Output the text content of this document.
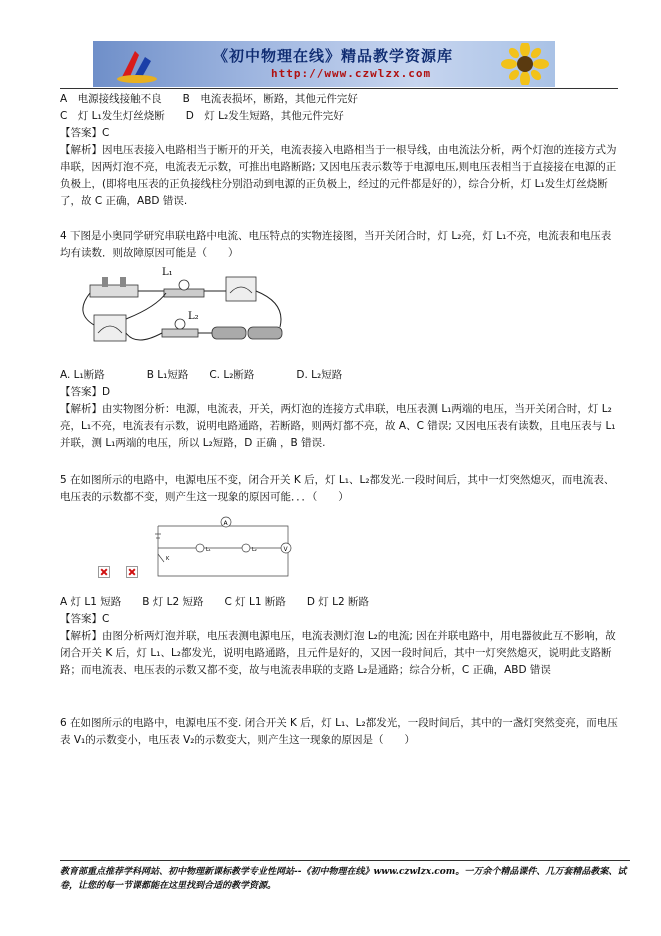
《初中物理在线》精品教学资源库
http://www.czwlzx.com
A　电源接线接触不良　　B　电流表损坏，断路，其他元件完好
C　灯 L₁发生灯丝烧断　　D　灯 L₂发生短路，其他元件完好
【答案】C

【解析】因电压表接入电路相当于断开的开关，电流表接入电路相当于一根导线，由电流法分析，两个灯泡的连接方式为串联，因两灯泡不亮，电流表无示数，可推出电路断路; 又因电压表示数等于电源电压,则电压表相当于直接接在电源的正负极上，(即将电压表的正负接线柱分别沿动到电源的正负极上，经过的元件都是好的），综合分析，灯 L₁发生灯丝烧断了，故 C 正确，ABD 错误.

4 下图是小奥同学研究串联电路中电流、电压特点的实物连接图，当开关闭合时，灯 L₂亮，灯 L₁不亮，电流表和电压表均有读数．则故障原因可能是（　　）

L₁
L₂
A. L₁断路　　　　B L₁短路　　C. L₂断路　　　　D. L₂短路
【答案】D

【解析】由实物图分析：电源，电流表，开关，两灯泡的连接方式串联，电压表测 L₁两端的电压，当开关闭合时，灯 L₂亮，L₁不亮，电流表有示数，说明电路通路，若断路，则两灯都不亮，故 A、C 错误; 又因电压表有读数，且电压表与 L₁并联，测 L₁两端的电压，所以 L₂短路，D 正确 ，B 错误.

5 在如图所示的电路中，电源电压不变，闭合开关 K 后，灯 L₁、L₂都发光.一段时间后，其中一灯突然熄灭，而电流表、电压表的示数都不变，则产生这一现象的原因可能．．．（　　）

A
V
L₁	L₂
K
A 灯 L1 短路　　B 灯 L2 短路　　C 灯 L1 断路　　D 灯 L2 断路
【答案】C

【解析】由图分析两灯泡并联，电压表测电源电压，电流表测灯泡 L₂的电流; 因在并联电路中，用电器彼此互不影响，故闭合开关 K 后，灯 L₁、L₂都发光，说明电路通路，且元件是好的，又因一段时间后，其中一灯突然熄灭，说明此支路断路；而电流表、电压表的示数又都不变，故与电流表串联的支路 L₂是通路；综合分析，C 正确，ABD 错误

6 在如图所示的电路中，电源电压不变. 闭合开关 K 后，灯 L₁、L₂都发光，一段时间后，其中的一盏灯突然变亮，而电压表 V₁的示数变小，电压表 V₂的示数变大，则产生这一现象的原因是（　　）

教育部重点推荐学科网站、初中物理新课标教学专业性网站--《初中物理在线》www.czwlzx.com。一万余个精品课件、几万套精品教案、试卷，让您的每一节课都能在这里找到合适的教学资源。
